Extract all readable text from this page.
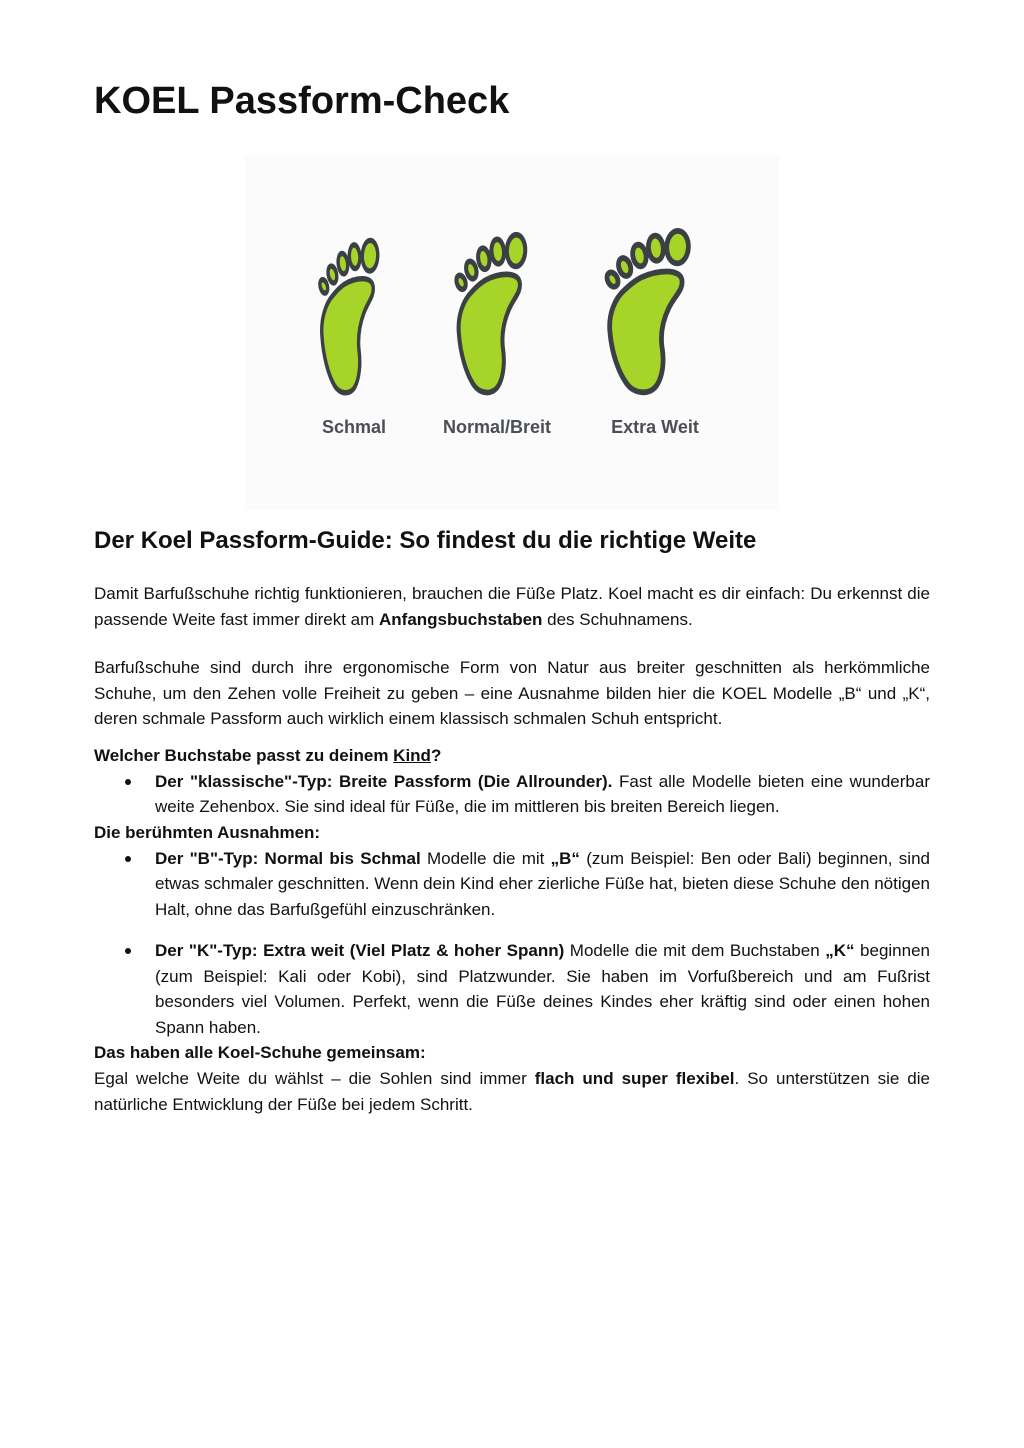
KOEL Passform-Check
Schmal	Normal/Breit	Extra Weit
Der Koel Passform-Guide: So findest du die richtige Weite

Damit Barfußschuhe richtig funktionieren, brauchen die Füße Platz. Koel macht es dir einfach: Du erkennst die passende Weite fast immer direkt am Anfangsbuchstaben des Schuhnamens.

Barfußschuhe sind durch ihre ergonomische Form von Natur aus breiter geschnitten als herkömmliche Schuhe, um den Zehen volle Freiheit zu geben – eine Ausnahme bilden hier die KOEL Modelle „B“ und „K“, deren schmale Passform auch wirklich einem klassisch schmalen Schuh entspricht.

Welcher Buchstabe passt zu deinem Kind?
Der "klassische"-Typ: Breite Passform (Die Allrounder). Fast alle Modelle bieten eine wunderbar weite Zehenbox. Sie sind ideal für Füße, die im mittleren bis breiten Bereich liegen.
Die berühmten Ausnahmen:
Der "B"-Typ: Normal bis Schmal Modelle die mit „B“ (zum Beispiel: Ben oder Bali) beginnen, sind etwas schmaler geschnitten. Wenn dein Kind eher zierliche Füße hat, bieten diese Schuhe den nötigen Halt, ohne das Barfußgefühl einzuschränken.
Der "K"-Typ: Extra weit (Viel Platz & hoher Spann) Modelle die mit dem Buchstaben „K“ beginnen (zum Beispiel: Kali oder Kobi), sind Platzwunder. Sie haben im Vorfußbereich und am Fußrist besonders viel Volumen. Perfekt, wenn die Füße deines Kindes eher kräftig sind oder einen hohen Spann haben.
Das haben alle Koel-Schuhe gemeinsam:

Egal welche Weite du wählst – die Sohlen sind immer flach und super flexibel. So unterstützen sie die natürliche Entwicklung der Füße bei jedem Schritt.
